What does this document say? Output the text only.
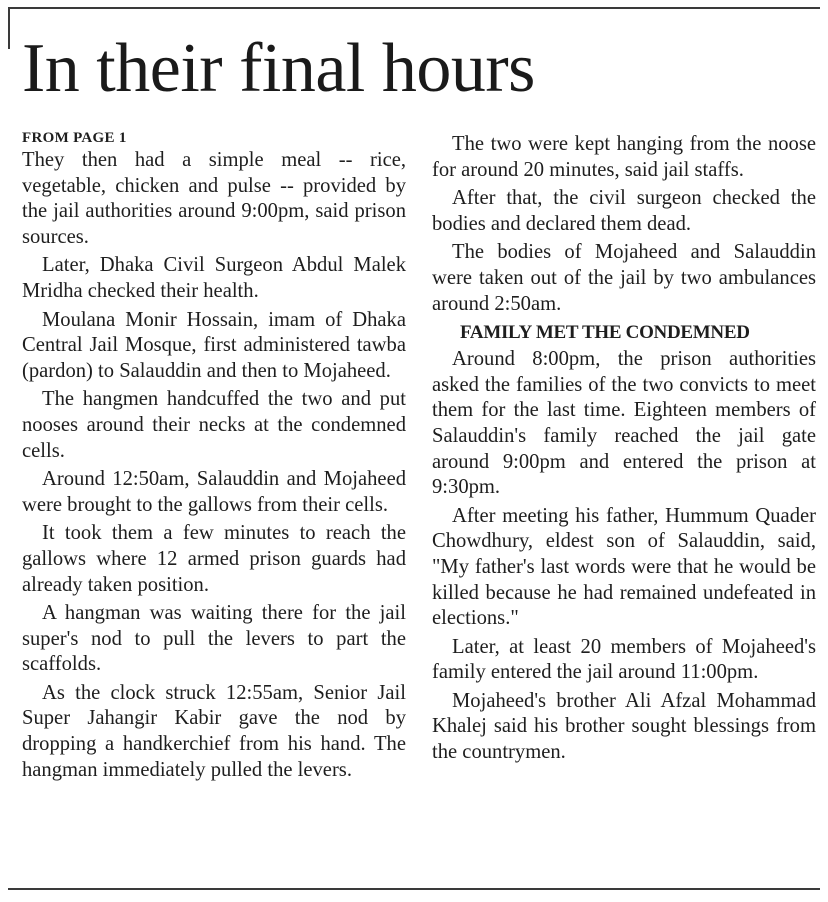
In their final hours
FROM PAGE 1

They then had a simple meal -- rice, vegetable, chicken and pulse -- provided by the jail authorities around 9:00pm, said prison sources.

Later, Dhaka Civil Surgeon Abdul Malek Mridha checked their health.

Moulana Monir Hossain, imam of Dhaka Central Jail Mosque, first administered tawba (pardon) to Salauddin and then to Mojaheed.

The hangmen handcuffed the two and put nooses around their necks at the condemned cells.

Around 12:50am, Salauddin and Mojaheed were brought to the gallows from their cells.

It took them a few minutes to reach the gallows where 12 armed prison guards had already taken position.

A hangman was waiting there for the jail super's nod to pull the levers to part the scaffolds.

As the clock struck 12:55am, Senior Jail Super Jahangir Kabir gave the nod by dropping a handkerchief from his hand. The hangman immediately pulled the levers.

The two were kept hanging from the noose for around 20 minutes, said jail staffs.

After that, the civil surgeon checked the bodies and declared them dead.

The bodies of Mojaheed and Salauddin were taken out of the jail by two ambulances around 2:50am.

FAMILY MET THE CONDEMNED

Around 8:00pm, the prison authorities asked the families of the two convicts to meet them for the last time. Eighteen members of Salauddin's family reached the jail gate around 9:00pm and entered the prison at 9:30pm.

After meeting his father, Hummum Quader Chowdhury, eldest son of Salauddin, said, "My father's last words were that he would be killed because he had remained undefeated in elections."

Later, at least 20 members of Mojaheed's family entered the jail around 11:00pm.

Mojaheed's brother Ali Afzal Mohammad Khalej said his brother sought blessings from the countrymen.
